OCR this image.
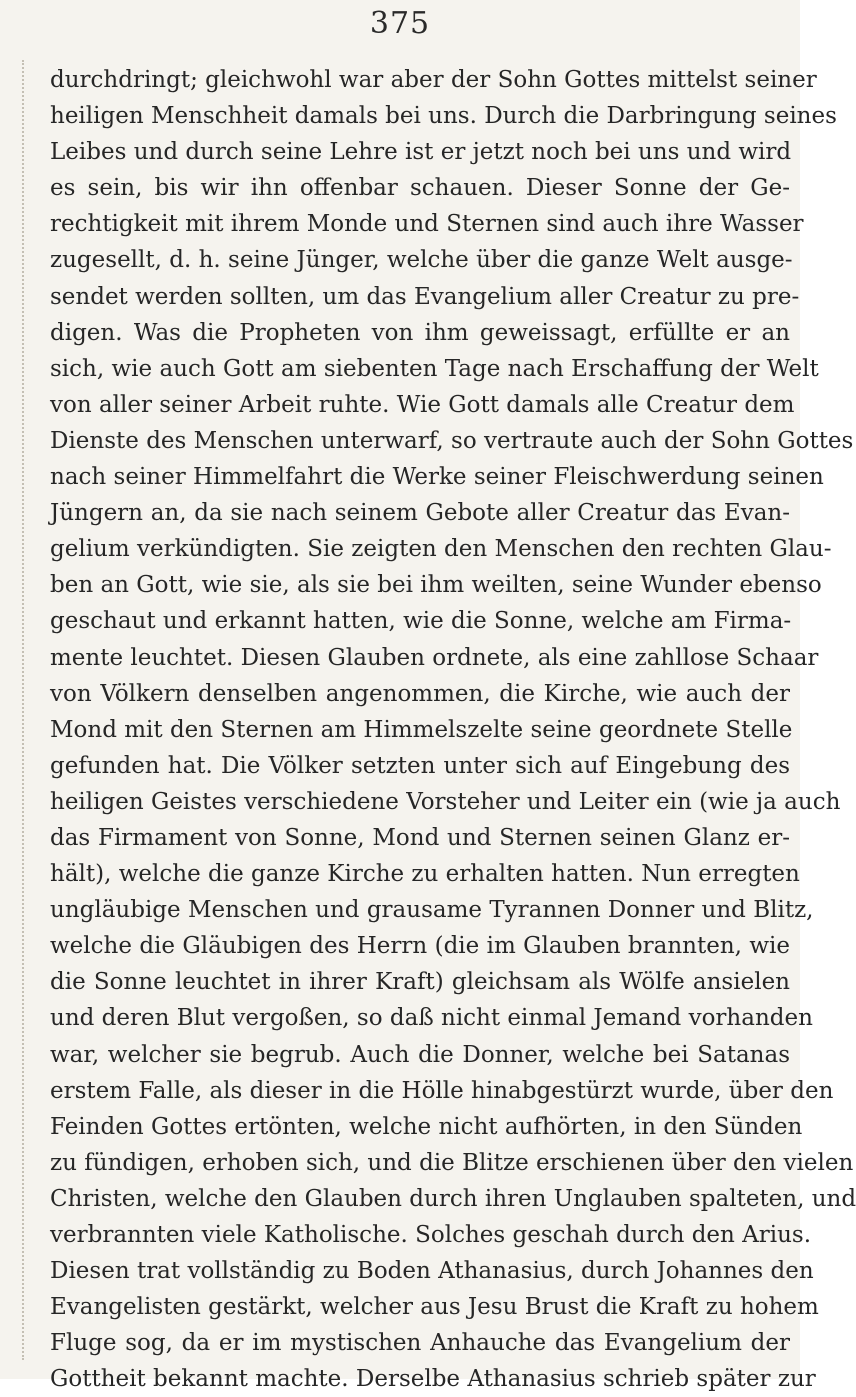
375
durchdringt; gleichwohl war aber der Sohn Gottes mittelst seiner
heiligen Menschheit damals bei uns. Durch die Darbringung seines
Leibes und durch seine Lehre ist er jetzt noch bei uns und wird
es sein, bis wir ihn offenbar schauen. Dieser Sonne der Ge-
rechtigkeit mit ihrem Monde und Sternen sind auch ihre Wasser
zugesellt, d. h. seine Jünger, welche über die ganze Welt ausge-
sendet werden sollten, um das Evangelium aller Creatur zu pre-
digen. Was die Propheten von ihm geweissagt, erfüllte er an
sich, wie auch Gott am siebenten Tage nach Erschaffung der Welt
von aller seiner Arbeit ruhte. Wie Gott damals alle Creatur dem
Dienste des Menschen unterwarf, so vertraute auch der Sohn Gottes
nach seiner Himmelfahrt die Werke seiner Fleischwerdung seinen
Jüngern an, da sie nach seinem Gebote aller Creatur das Evan-
gelium verkündigten. Sie zeigten den Menschen den rechten Glau-
ben an Gott, wie sie, als sie bei ihm weilten, seine Wunder ebenso
geschaut und erkannt hatten, wie die Sonne, welche am Firma-
mente leuchtet. Diesen Glauben ordnete, als eine zahllose Schaar
von Völkern denselben angenommen, die Kirche, wie auch der
Mond mit den Sternen am Himmelszelte seine geordnete Stelle
gefunden hat. Die Völker setzten unter sich auf Eingebung des
heiligen Geistes verschiedene Vorsteher und Leiter ein (wie ja auch
das Firmament von Sonne, Mond und Sternen seinen Glanz er-
hält), welche die ganze Kirche zu erhalten hatten. Nun erregten
ungläubige Menschen und grausame Tyrannen Donner und Blitz,
welche die Gläubigen des Herrn (die im Glauben brannten, wie
die Sonne leuchtet in ihrer Kraft) gleichsam als Wölfe ansielen
und deren Blut vergoßen, so daß nicht einmal Jemand vorhanden
war, welcher sie begrub. Auch die Donner, welche bei Satanas
erstem Falle, als dieser in die Hölle hinabgestürzt wurde, über den
Feinden Gottes ertönten, welche nicht aufhörten, in den Sünden
zu fündigen, erhoben sich, und die Blitze erschienen über den vielen
Christen, welche den Glauben durch ihren Unglauben spalteten, und
verbrannten viele Katholische. Solches geschah durch den Arius.
Diesen trat vollständig zu Boden Athanasius, durch Johannes den
Evangelisten gestärkt, welcher aus Jesu Brust die Kraft zu hohem
Fluge sog, da er im mystischen Anhauche das Evangelium der
Gottheit bekannt machte. Derselbe Athanasius schrieb später zur
